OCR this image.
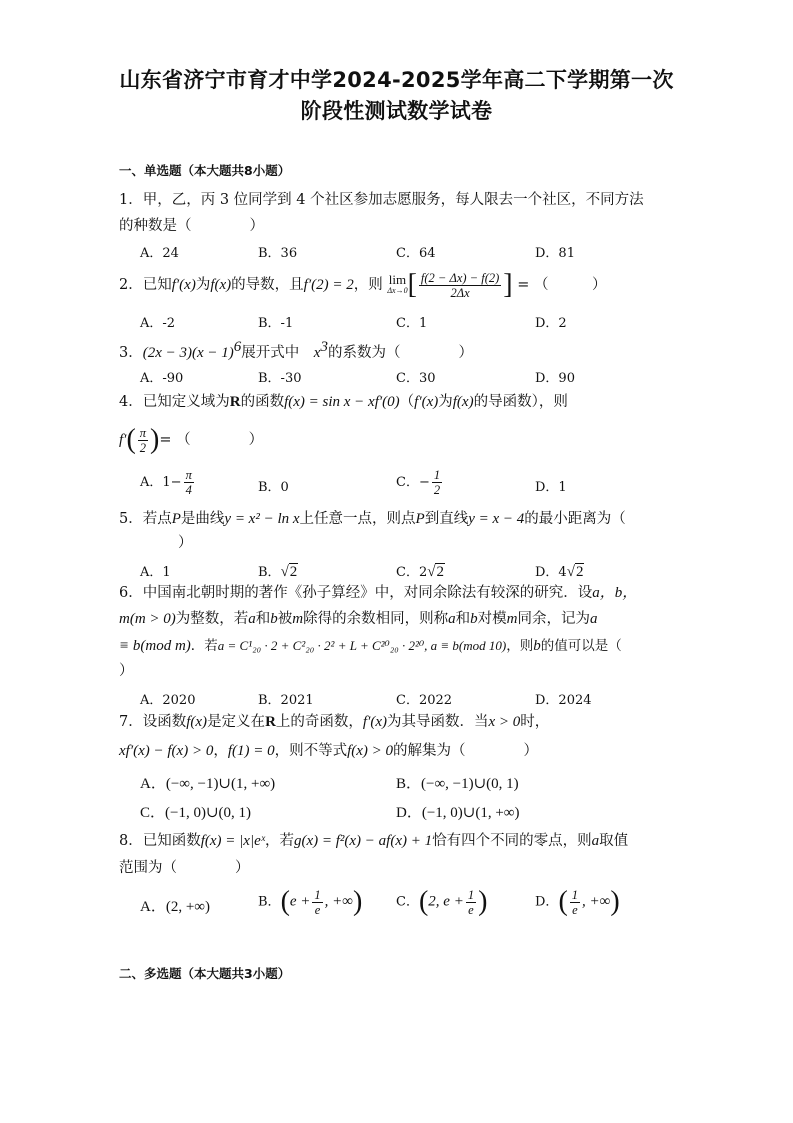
山东省济宁市育才中学2024-2025学年高二下学期第一次
阶段性测试数学试卷
一、单选题（本大题共8小题）
1．甲，乙，丙 3 位同学到 4 个社区参加志愿服务，每人限去一个社区，不同方法
的种数是（　　　　）
A．24	B．36	C．64	D．81
2．已知f′(x)为f(x)的导数，且f′(2) = 2，则 lim
Δx→0 [ $\frac{f(2 - \Delta x) - f(2)}{2\Delta x}$ ] = （　　　）
A．-2	B．-1	C．1	D．2
3．$(2x - 3)(x - 1)^6$展开式中　$x^3$的系数为（　　　　）
A．-90	B．-30	C．30	D．90
4．已知定义域为R的函数f(x) = sin x − xf′(0)（f′(x)为f(x)的导函数），则
$f'( \frac{\pi}{2}$ )= （　　　　）
A．$1- \frac{\pi}{4}$	B．0	C．− $\frac{1}{2}$	D．1
5．若点P是曲线y = x² − ln x上任意一点，则点P到直线y = x − 4的最小距离为（
）
A．1	B．√2	C．2√2	D．4√2
6．中国南北朝时期的著作《孙子算经》中，对同余除法有较深的研究．设a，b，
m(m > 0)为整数，若a和b被m除得的余数相同，则称a和b对模m同余，记为a
≡ b(mod m)．若a = C¹₂₀ · 2 + C²₂₀ · 2² + L + C²⁰₂₀ · 2²⁰, a ≡ b(mod 10)，则b的值可以是（
）
A．2020	B．2021	C．2022	D．2024
7．设函数f(x)是定义在R上的奇函数，f′(x)为其导函数．当x > 0时，
xf′(x) − f(x) > 0，f(1) = 0，则不等式f(x) > 0的解集为（　　　　）
A．(−∞, −1)∪(1, +∞)	B．(−∞, −1)∪(0, 1)
C．(−1, 0)∪(0, 1)	D．(−1, 0)∪(1, +∞)
8．已知函数f(x) = |x|eˣ，若g(x) = f²(x) − af(x) + 1恰有四个不同的零点，则a取值
范围为（　　　　）
A．(2, +∞)	B．($e + \frac{1}{e}$ , +∞)	C．(2, $e + \frac{1}{e}$ )	D．( $\frac{1}{e}$ , +∞)
二、多选题（本大题共3小题）
